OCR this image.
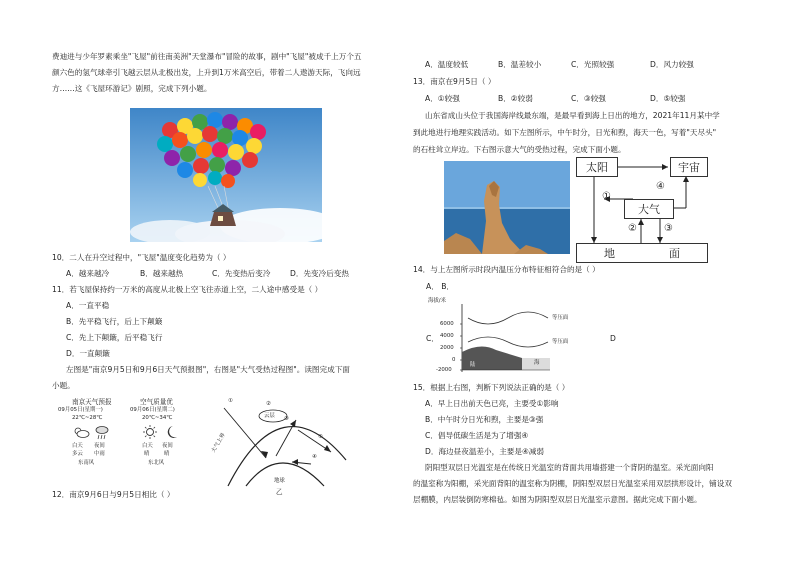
费迪进与少年罗素乘坐"飞屋"前往南美洲"天堂瀑布"冒险的故事，剧中"飞屋"被成千上万个五
颜六色的氢气球牵引飞越云层从北极出发，上升到1万米高空后，带着二人遨游天际，飞向远
方……这《飞屋环游记》剧照，完成下列小题。
10．二人在升空过程中，"飞屋"温度变化趋势为（ ）
A．越来越冷	B．越来越热	C．先变热后变冷	D．先变冷后变热
11．若飞屋保持约一万米的高度从北极上空飞往赤道上空，二人途中感受是（ ）
A．一直平稳
B．先平稳飞行，后上下颠簸
C．先上下颠簸，后平稳飞行
D．一直颠簸
左图是"南京9月5日和9月6日天气预报图"，右图是"大气受热过程图"。读图完成下面
小题。
南京天气预报	空气质量优
09月05日(星期一)	09月06日(星期二)
22℃~28℃	20℃~34℃
白天 夜间	白天 夜间
多云 中雨	晴	晴
东南风	东北风
①	②
云层 ③
④
⑤
大气上界
地球
乙
12．南京9月6日与9月5日相比（ ）
A．温度较低	B．温差较小	C．光照较强	D．风力较强
13．南京在9月5日（ ）
A．①较强	B．②较弱	C．③较强	D．⑤较强
山东省成山头位于我国海岸线最东端，是最早看到海上日出的地方，2021年11月某中学
到此地进行地理实践活动。如下左图所示，中午时分，日光和煦，海天一色，写着"天尽头"
的石柱耸立岸边。下右图示意大气的受热过程，完成下面小题。
太阳	宇宙
大气
地	面
①
②	③
④
14．与上左图所示时段内温压分布特征相符合的是（ ）
A． B．
海拔/米
6000
4000
2000
0
-2000
等压面
等压面
陆	海
C．	D
15．根据上右图，判断下列说法正确的是（ ）
A．早上日出前天色已亮，主要受①影响
B．中午时分日光和煦，主要是③强
C．倡导低碳生活是为了增强④
D．海边昼夜温差小，主要是④减弱
阴阳型双层日光温室是在传统日光温室的背面共用墙搭建一个背阴的温室。采光面向阳
的温室称为阳棚，采光面背阳的温室称为阴棚，阴阳型双层日光温室采用双层拱形设计，铺设双
层棚膜，内层装倒防寒棉毡。如图为阴阳型双层日光温室示意图。据此完成下面小题。
